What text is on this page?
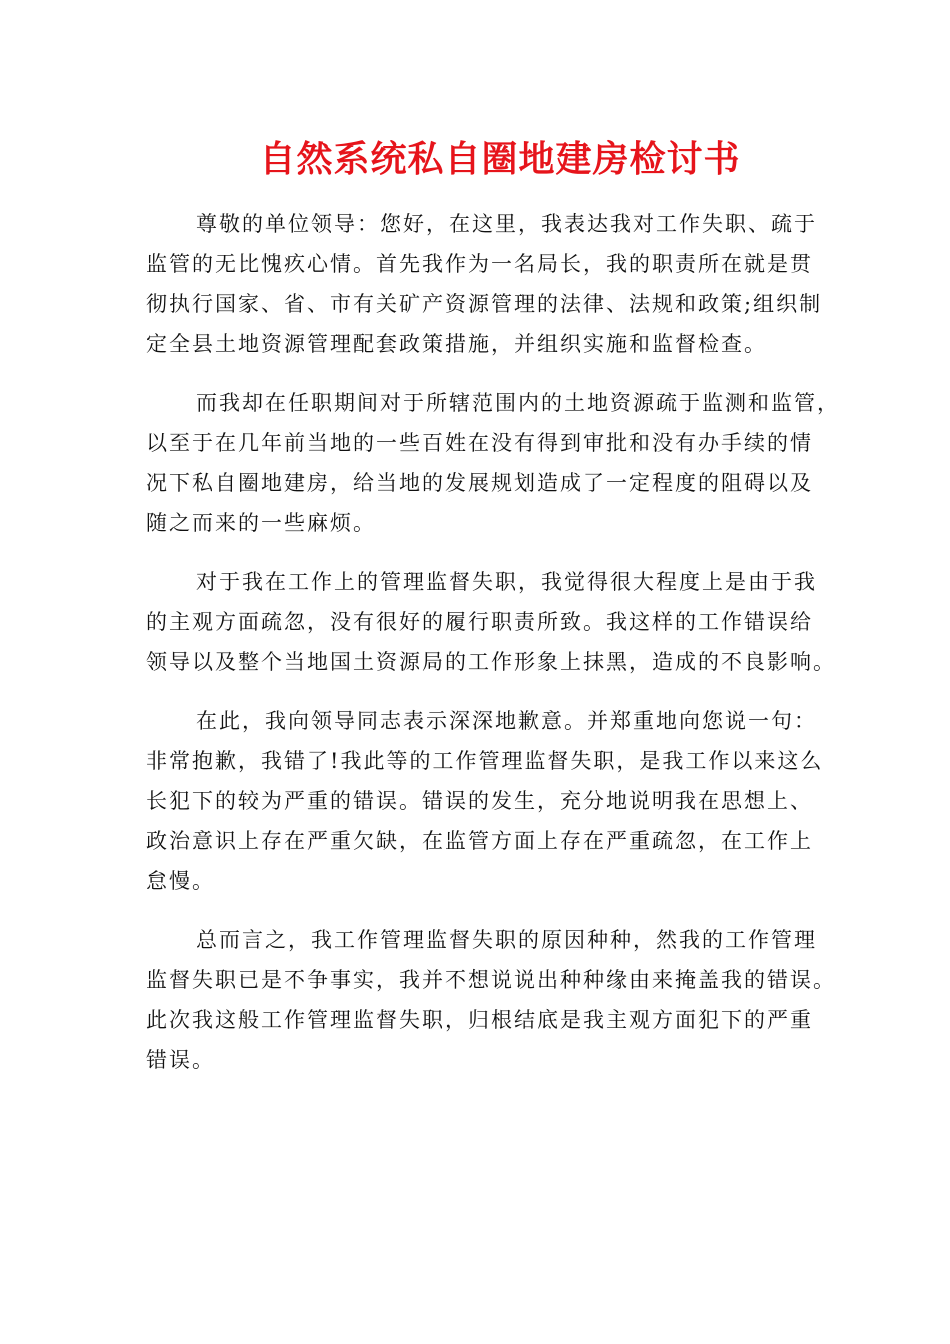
自然系统私自圈地建房检讨书

尊敬的单位领导：您好，在这里，我表达我对工作失职、疏于
监管的无比愧疚心情。首先我作为一名局长，我的职责所在就是贯
彻执行国家、省、市有关矿产资源管理的法律、法规和政策;组织制
定全县土地资源管理配套政策措施，并组织实施和监督检查。

而我却在任职期间对于所辖范围内的土地资源疏于监测和监管，
以至于在几年前当地的一些百姓在没有得到审批和没有办手续的情
况下私自圈地建房，给当地的发展规划造成了一定程度的阻碍以及
随之而来的一些麻烦。

对于我在工作上的管理监督失职，我觉得很大程度上是由于我
的主观方面疏忽，没有很好的履行职责所致。我这样的工作错误给
领导以及整个当地国土资源局的工作形象上抹黑，造成的不良影响。

在此，我向领导同志表示深深地歉意。并郑重地向您说一句：
非常抱歉，我错了!我此等的工作管理监督失职，是我工作以来这么
长犯下的较为严重的错误。错误的发生，充分地说明我在思想上、
政治意识上存在严重欠缺，在监管方面上存在严重疏忽，在工作上
怠慢。

总而言之，我工作管理监督失职的原因种种，然我的工作管理
监督失职已是不争事实，我并不想说说出种种缘由来掩盖我的错误。
此次我这般工作管理监督失职，归根结底是我主观方面犯下的严重
错误。
